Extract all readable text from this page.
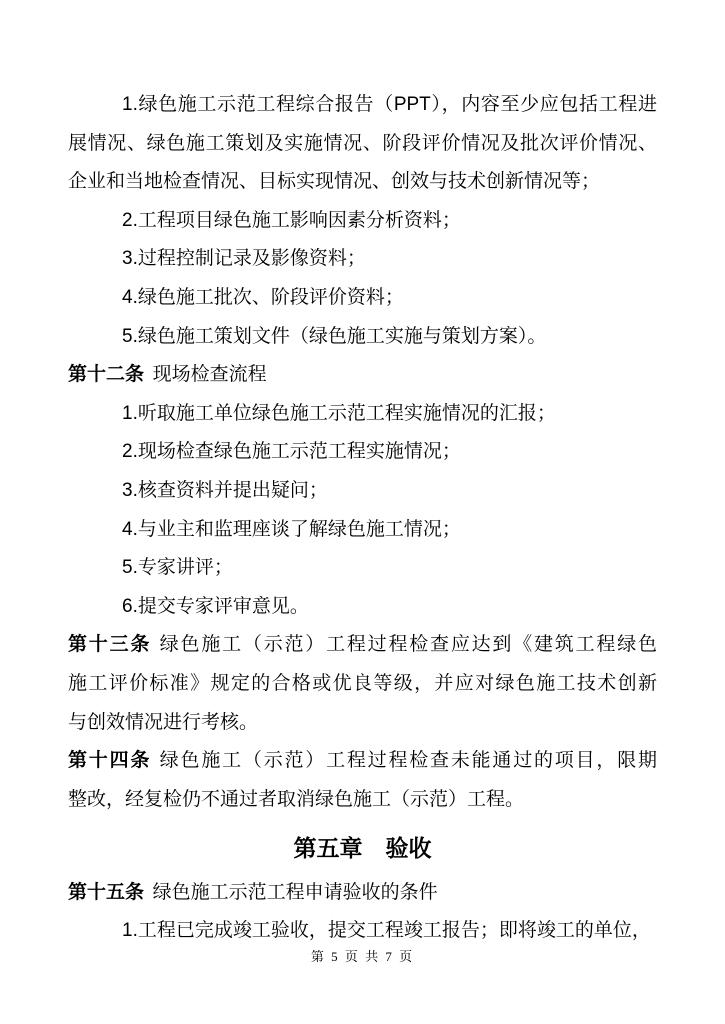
1.绿色施工示范工程综合报告（PPT），内容至少应包括工程进
展情况、绿色施工策划及实施情况、阶段评价情况及批次评价情况、
企业和当地检查情况、目标实现情况、创效与技术创新情况等；
2.工程项目绿色施工影响因素分析资料；
3.过程控制记录及影像资料；
4.绿色施工批次、阶段评价资料；
5.绿色施工策划文件（绿色施工实施与策划方案）。
第十二条 现场检查流程
1.听取施工单位绿色施工示范工程实施情况的汇报；
2.现场检查绿色施工示范工程实施情况；
3.核查资料并提出疑问；
4.与业主和监理座谈了解绿色施工情况；
5.专家讲评；
6.提交专家评审意见。
第十三条 绿色施工（示范）工程过程检查应达到《建筑工程绿色
施工评价标准》规定的合格或优良等级，并应对绿色施工技术创新
与创效情况进行考核。
第十四条 绿色施工（示范）工程过程检查未能通过的项目，限期
整改，经复检仍不通过者取消绿色施工（示范）工程。
第五章　验收
第十五条 绿色施工示范工程申请验收的条件
1.工程已完成竣工验收，提交工程竣工报告；即将竣工的单位，
第 5 页 共 7 页
